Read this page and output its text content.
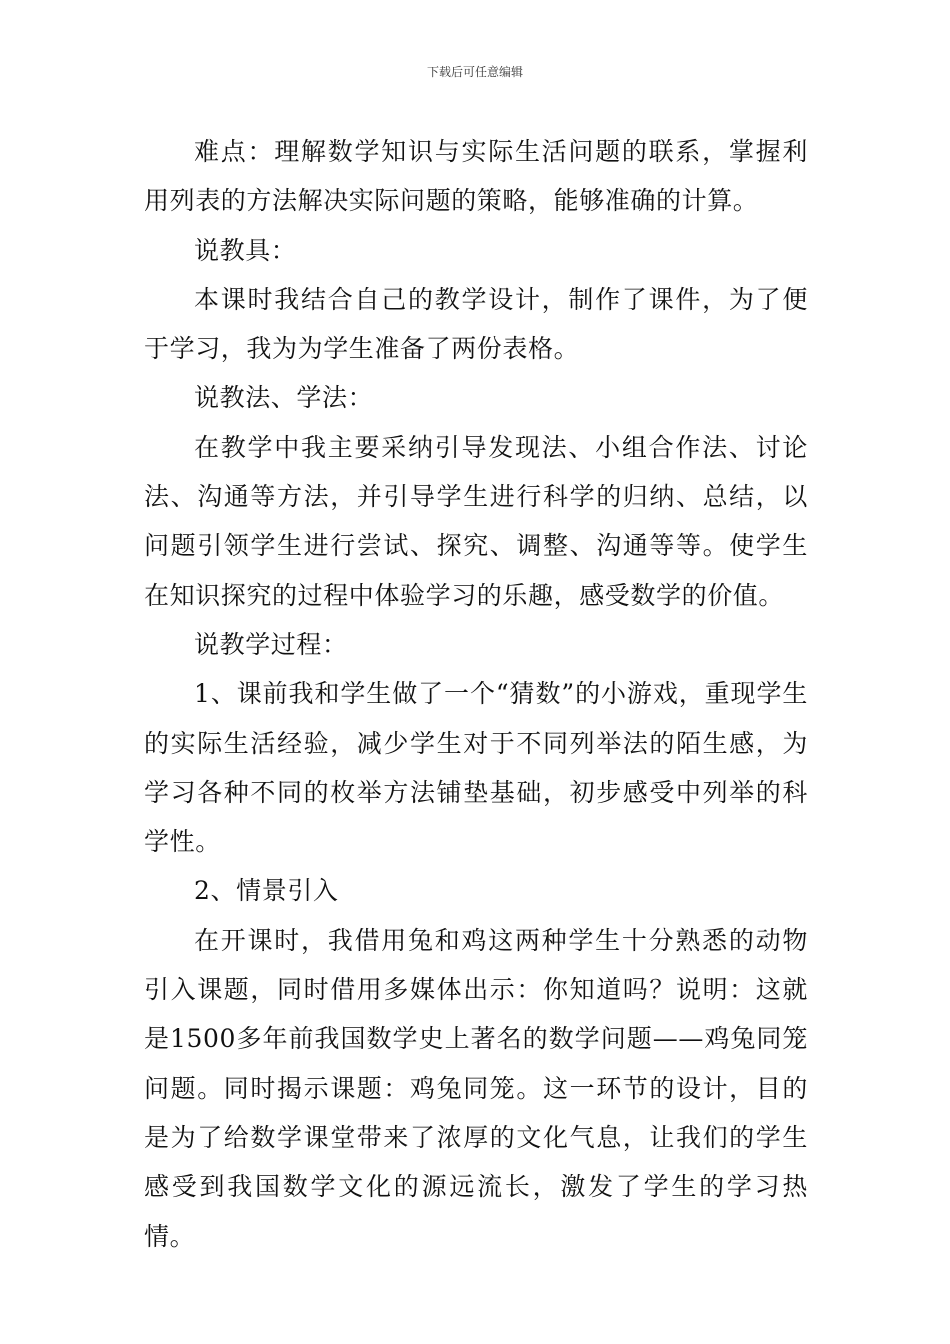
下载后可任意编辑

难点：理解数学知识与实际生活问题的联系，掌握利用列表的方法解决实际问题的策略，能够准确的计算。

说教具：

本课时我结合自己的教学设计，制作了课件，为了便于学习，我为为学生准备了两份表格。

说教法、学法：

在教学中我主要采纳引导发现法、小组合作法、讨论法、沟通等方法，并引导学生进行科学的归纳、总结，以问题引领学生进行尝试、探究、调整、沟通等等。使学生在知识探究的过程中体验学习的乐趣，感受数学的价值。

说教学过程：

1、课前我和学生做了一个“猜数”的小游戏，重现学生的实际生活经验，减少学生对于不同列举法的陌生感，为学习各种不同的枚举方法铺垫基础，初步感受中列举的科学性。

2、情景引入

在开课时，我借用兔和鸡这两种学生十分熟悉的动物引入课题，同时借用多媒体出示：你知道吗？说明：这就是1500多年前我国数学史上著名的数学问题——鸡兔同笼问题。同时揭示课题：鸡兔同笼。这一环节的设计，目的是为了给数学课堂带来了浓厚的文化气息，让我们的学生感受到我国数学文化的源远流长，激发了学生的学习热情。
